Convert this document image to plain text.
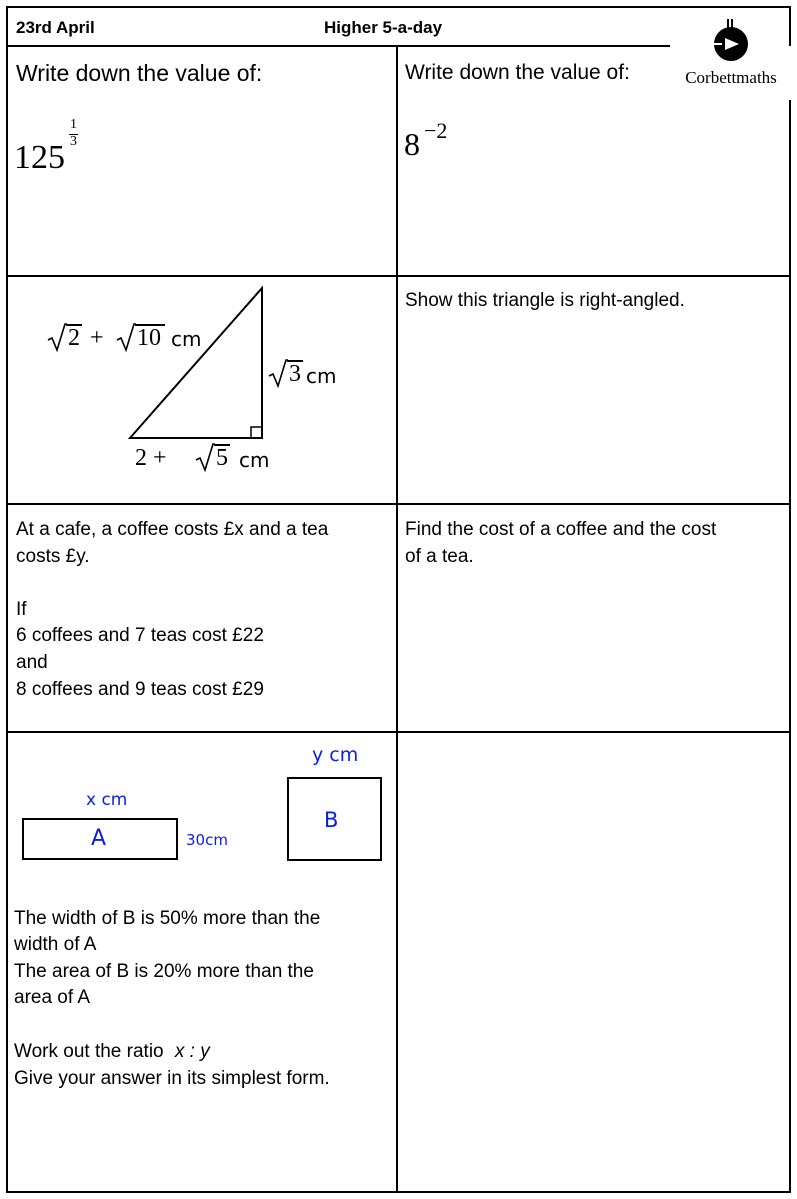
23rd April	Higher 5-a-day
Corbettmaths
Write down the value of:
125
1
3
Write down the value of:
8 −2
2 + 10 cm
3 cm
2 + 5 cm
Show this triangle is right-angled.
At a cafe, a coffee costs £x and a tea
costs £y.
If
6 coffees and 7 teas cost £22
and
8 coffees and 9 teas cost £29
Find the cost of a coffee and the cost
of a tea.
x cm
A	30cm
y cm
B
The width of B is 50% more than the
width of A
The area of B is 20% more than the
area of A
Work out the ratio x : y
Give your answer in its simplest form.
